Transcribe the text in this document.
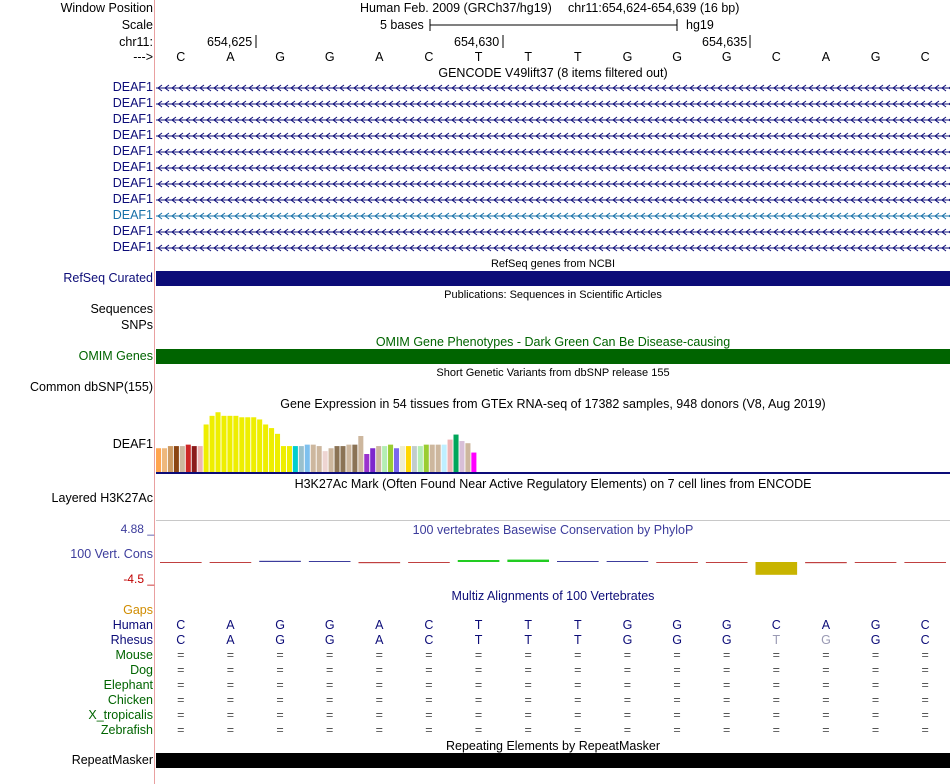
Window Position	Human Feb. 2009 (GRCh37/hg19) chr11:654,624-654,639 (16 bp)
Scale	5 bases	hg19
chr11:	654,625	654,630	654,635
--->	C	A	G	G	A	C	T	T	T	G	G	G	C	A	G	C
GENCODE V49lift37 (8 items filtered out)
DEAF1
DEAF1
DEAF1
DEAF1
DEAF1
DEAF1
DEAF1
DEAF1
DEAF1
DEAF1
DEAF1
RefSeq genes from NCBI
RefSeq Curated
Publications: Sequences in Scientific Articles
Sequences
SNPs
OMIM Gene Phenotypes - Dark Green Can Be Disease-causing
OMIM Genes
Short Genetic Variants from dbSNP release 155
Common dbSNP(155)
Gene Expression in 54 tissues from GTEx RNA-seq of 17382 samples, 948 donors (V8, Aug 2019)
DEAF1
H3K27Ac Mark (Often Found Near Active Regulatory Elements) on 7 cell lines from ENCODE
Layered H3K27Ac
100 vertebrates Basewise Conservation by PhyloP
4.88 _
100 Vert. Cons
-4.5 _
Multiz Alignments of 100 Vertebrates
Gaps
Human	C	A	G	G	A	C	T	T	T	G	G	G	C	A	G	C
Rhesus	C	A	G	G	A	C	T	T	T	G	G	G	T	G	G	C
Mouse	=	=	=	=	=	=	=	=	=	=	=	=	=	=	=	=
Dog	=	=	=	=	=	=	=	=	=	=	=	=	=	=	=	=
Elephant	=	=	=	=	=	=	=	=	=	=	=	=	=	=	=	=
Chicken	=	=	=	=	=	=	=	=	=	=	=	=	=	=	=	=
X_tropicalis	=	=	=	=	=	=	=	=	=	=	=	=	=	=	=	=
Zebrafish	=	=	=	=	=	=	=	=	=	=	=	=	=	=	=	=
Repeating Elements by RepeatMasker
RepeatMasker
